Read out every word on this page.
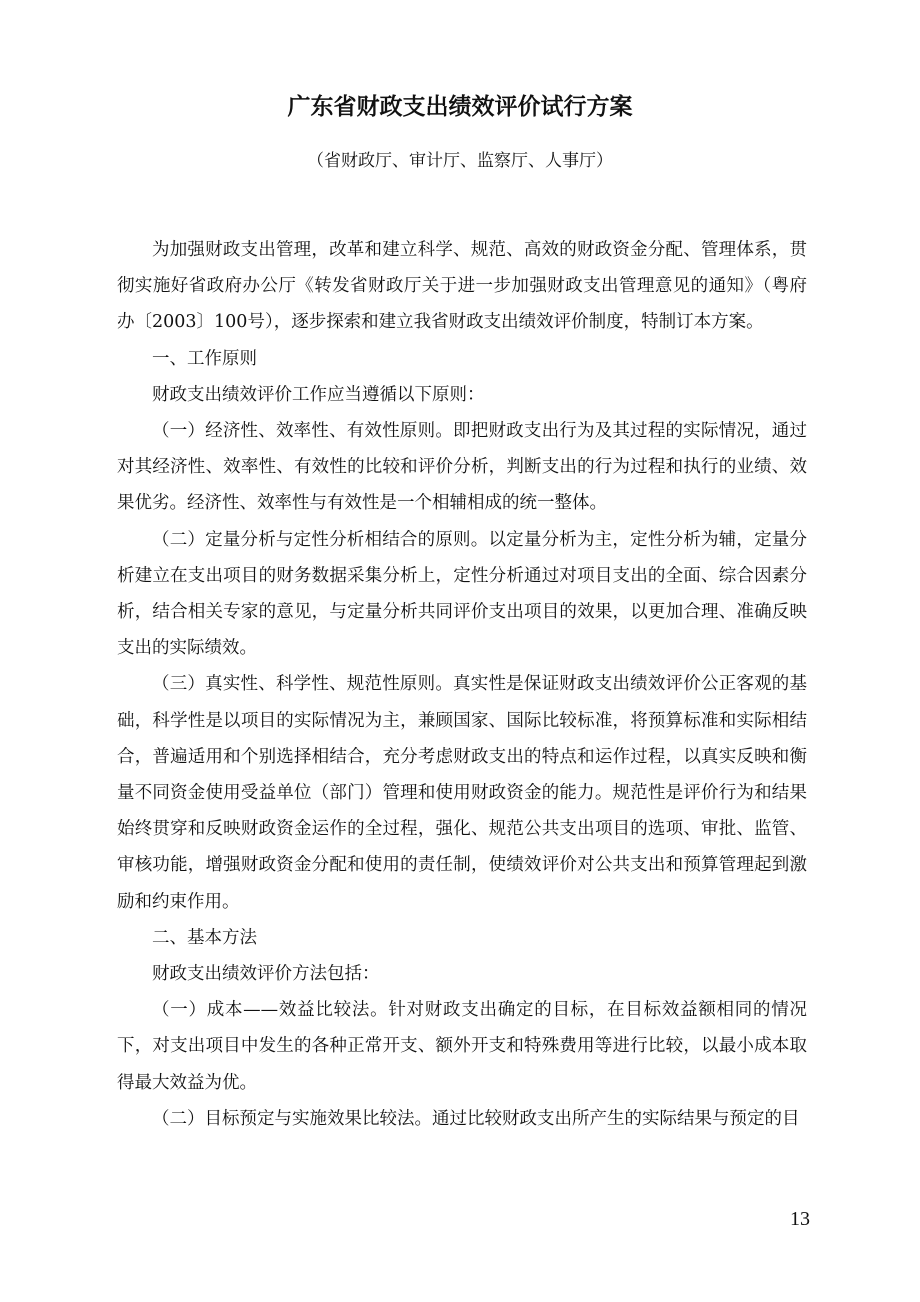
广东省财政支出绩效评价试行方案
（省财政厅、审计厅、监察厅、人事厅）

为加强财政支出管理，改革和建立科学、规范、高效的财政资金分配、管理体系，贯彻实施好省政府办公厅《转发省财政厅关于进一步加强财政支出管理意见的通知》（粤府办〔2003〕100号），逐步探索和建立我省财政支出绩效评价制度，特制订本方案。

一、工作原则

财政支出绩效评价工作应当遵循以下原则：

（一）经济性、效率性、有效性原则。即把财政支出行为及其过程的实际情况，通过对其经济性、效率性、有效性的比较和评价分析，判断支出的行为过程和执行的业绩、效果优劣。经济性、效率性与有效性是一个相辅相成的统一整体。

（二）定量分析与定性分析相结合的原则。以定量分析为主，定性分析为辅，定量分析建立在支出项目的财务数据采集分析上，定性分析通过对项目支出的全面、综合因素分析，结合相关专家的意见，与定量分析共同评价支出项目的效果，以更加合理、准确反映支出的实际绩效。

（三）真实性、科学性、规范性原则。真实性是保证财政支出绩效评价公正客观的基础，科学性是以项目的实际情况为主，兼顾国家、国际比较标准，将预算标准和实际相结合，普遍适用和个别选择相结合，充分考虑财政支出的特点和运作过程，以真实反映和衡量不同资金使用受益单位（部门）管理和使用财政资金的能力。规范性是评价行为和结果始终贯穿和反映财政资金运作的全过程，强化、规范公共支出项目的选项、审批、监管、审核功能，增强财政资金分配和使用的责任制，使绩效评价对公共支出和预算管理起到激励和约束作用。

二、基本方法

财政支出绩效评价方法包括：

（一）成本——效益比较法。针对财政支出确定的目标，在目标效益额相同的情况下，对支出项目中发生的各种正常开支、额外开支和特殊费用等进行比较，以最小成本取得最大效益为优。

（二）目标预定与实施效果比较法。通过比较财政支出所产生的实际结果与预定的目

13
